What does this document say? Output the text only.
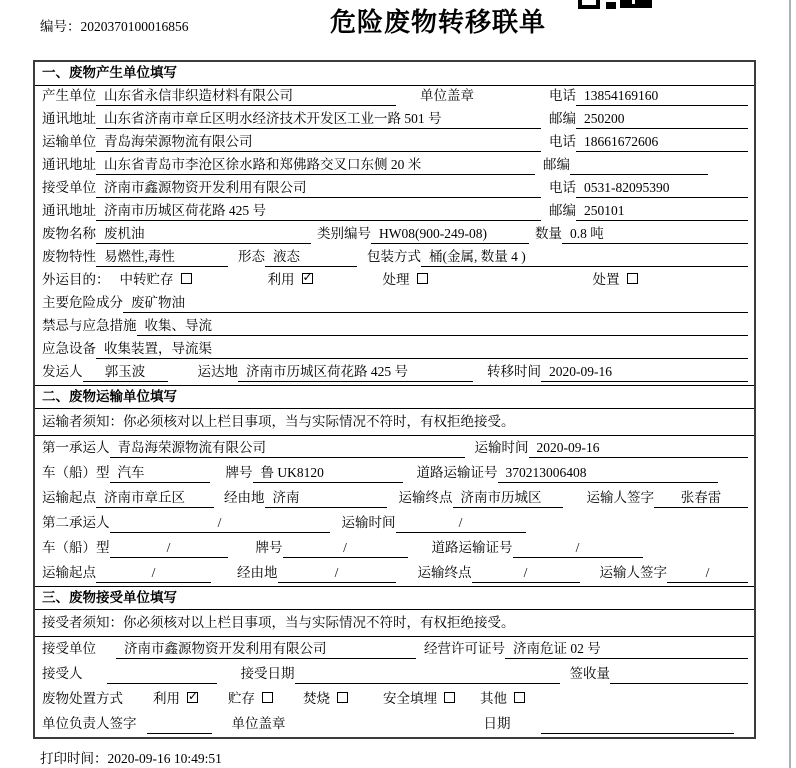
编号：2020370100016856	危险废物转移联单
一、废物产生单位填写
产生单位 山东省永信非织造材料有限公司	单位盖章	电话 13854169160
通讯地址 山东省济南市章丘区明水经济技术开发区工业一路 501 号	邮编 250200
运输单位 青岛海荣源物流有限公司	电话 18661672606
通讯地址 山东省青岛市李沧区徐水路和郑佛路交叉口东侧 20 米	邮编
接受单位 济南市鑫源物资开发利用有限公司	电话 0531-82095390
通讯地址 济南市历城区荷花路 425 号	邮编 250101
废物名称 废机油	类别编号 HW08(900-249-08)	数量 0.8 吨
废物特性 易燃性,毒性	形态 液态	包装方式 桶(金属, 数量 4 )
外运目的： 中转贮存	利用 ✓	处理	处置
主要危险成分 废矿物油
禁忌与应急措施 收集、导流
应急设备 收集装置，导流渠
发运人	郭玉波	运达地 济南市历城区荷花路 425 号	转移时间 2020-09-16
二、废物运输单位填写
运输者须知：你必须核对以上栏目事项，当与实际情况不符时，有权拒绝接受。
第一承运人 青岛海荣源物流有限公司	运输时间 2020-09-16
车（船）型 汽车	牌号 鲁 UK8120	道路运输证号 370213006408
运输起点 济南市章丘区	经由地 济南	运输终点 济南市历城区	运输人签字	张春雷
第二承运人	/	运输时间	/
车（船）型	/	牌号	/	道路运输证号	/
运输起点	/	经由地	/	运输终点	/	运输人签字	/
三、废物接受单位填写
接受者须知：你必须核对以上栏目事项，当与实际情况不符时，有权拒绝接受。
接受单位	济南市鑫源物资开发利用有限公司	经营许可证号 济南危证 02 号
接受人	接受日期	签收量
废物处置方式 利用 ✓	贮存	焚烧	安全填埋	其他
单位负责人签字	单位盖章	日期
打印时间：2020-09-16 10:49:51
